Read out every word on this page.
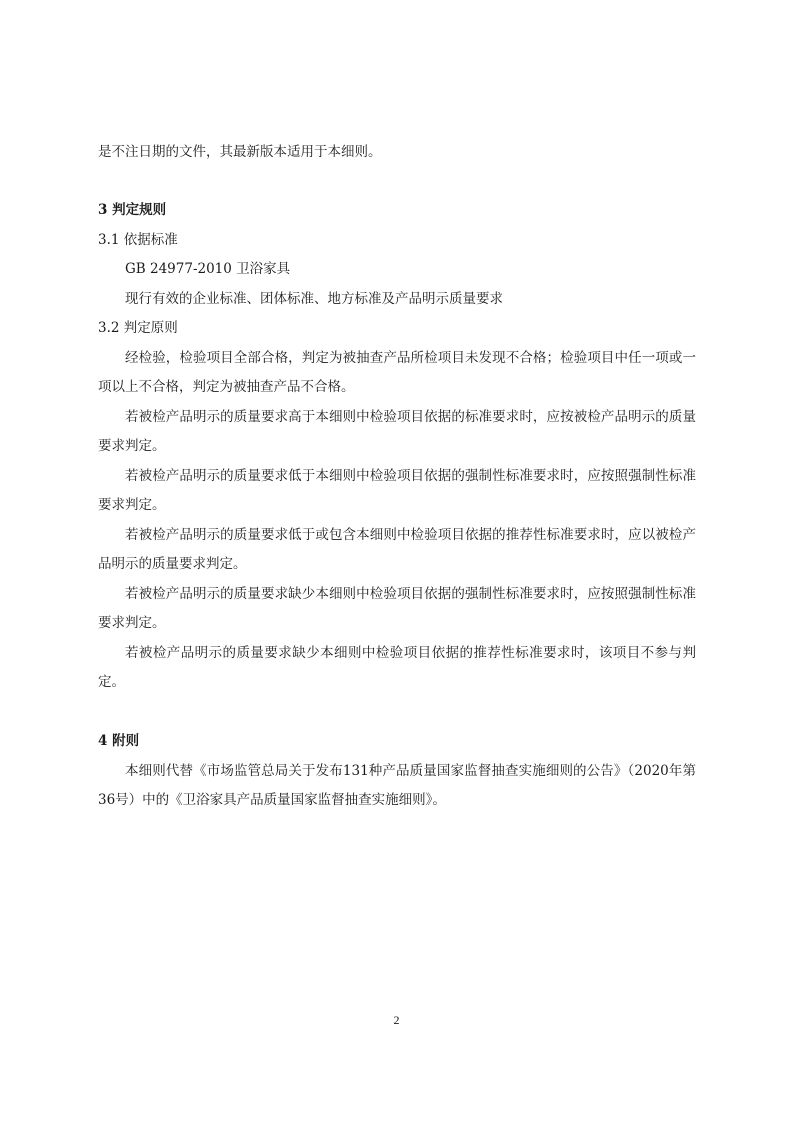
是不注日期的文件，其最新版本适用于本细则。

3 判定规则

3.1 依据标准

GB 24977-2010 卫浴家具

现行有效的企业标准、团体标准、地方标准及产品明示质量要求

3.2 判定原则

经检验，检验项目全部合格，判定为被抽查产品所检项目未发现不合格；检验项目中任一项或一项以上不合格，判定为被抽查产品不合格。

若被检产品明示的质量要求高于本细则中检验项目依据的标准要求时，应按被检产品明示的质量要求判定。

若被检产品明示的质量要求低于本细则中检验项目依据的强制性标准要求时，应按照强制性标准要求判定。

若被检产品明示的质量要求低于或包含本细则中检验项目依据的推荐性标准要求时，应以被检产品明示的质量要求判定。

若被检产品明示的质量要求缺少本细则中检验项目依据的强制性标准要求时，应按照强制性标准要求判定。

若被检产品明示的质量要求缺少本细则中检验项目依据的推荐性标准要求时，该项目不参与判定。

4 附则

本细则代替《市场监管总局关于发布131种产品质量国家监督抽查实施细则的公告》（2020年第36号）中的《卫浴家具产品质量国家监督抽查实施细则》。

2
